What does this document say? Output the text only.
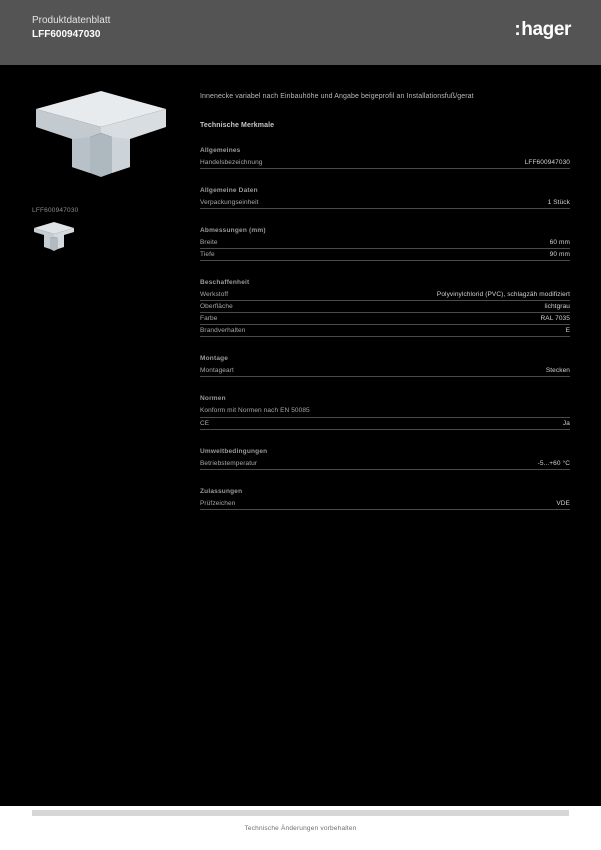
Produktdatenblatt
LFF600947030	:hager
LFF600947030
Innenecke variabel nach Einbauhöhe und Angabe beigeprofil an Installationsfuß/gerat
Technische Merkmale
Allgemeines
Handelsbezeichnung	LFF600947030
Allgemeine Daten
Verpackungseinheit	1 Stück
Abmessungen (mm)
Breite	60 mm
Tiefe	90 mm
Beschaffenheit
Werkstoff	Polyvinylchlorid (PVC), schlagzäh modifiziert
Oberfläche	lichtgrau
Farbe	RAL 7035
Brandverhalten	E
Montage
Montageart	Stecken
Normen
Konform mit Normen nach EN 50085
CE	Ja
Umweltbedingungen
Betriebstemperatur	-5...+60 °C
Zulassungen
Prüfzeichen	VDE
Technische Änderungen vorbehalten
